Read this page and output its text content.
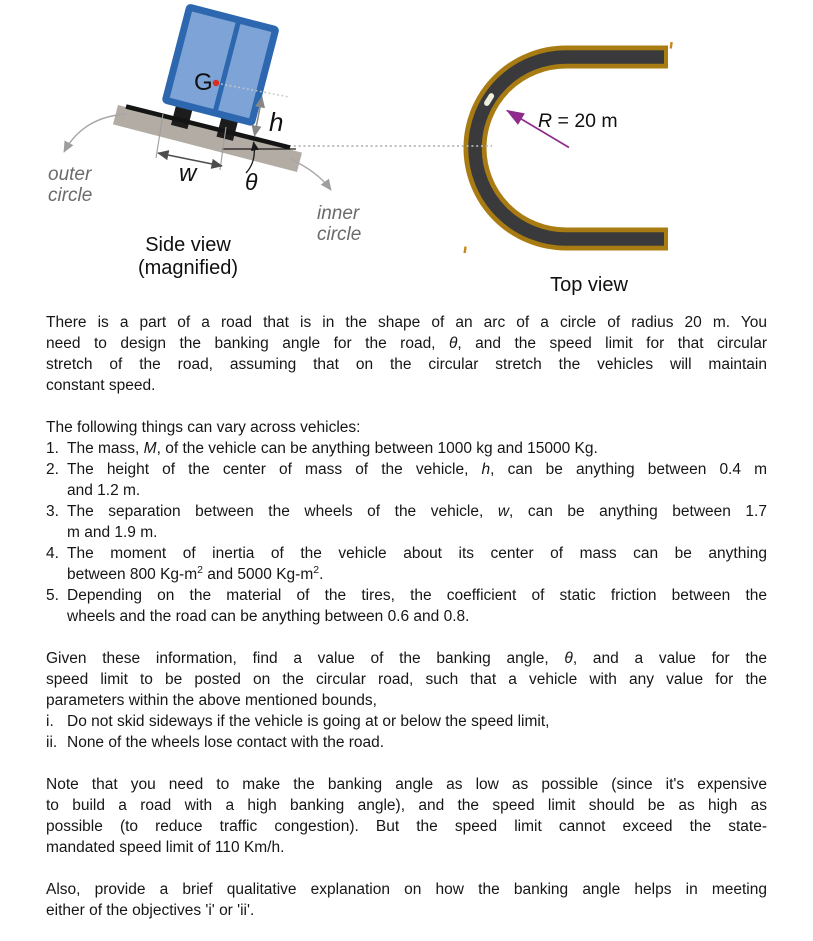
R = 20 m
Top view
G
h
w θ
outer
circle
inner
circle
Side view
(magnified)
There is a part of a road that is in the shape of an arc of a circle of radius 20 m. You
need to design the banking angle for the road, θ, and the speed limit for that circular
stretch of the road, assuming that on the circular stretch the vehicles will maintain
constant speed.
The following things can vary across vehicles:
1. The mass, M, of the vehicle can be anything between 1000 kg and 15000 Kg.
2. The height of the center of mass of the vehicle, h, can be anything between 0.4 m
and 1.2 m.
3. The separation between the wheels of the vehicle, w, can be anything between 1.7
m and 1.9 m.
4. The moment of inertia of the vehicle about its center of mass can be anything
between 800 $Kg-m^2$ and 5000 $Kg-m^2$.
5. Depending on the material of the tires, the coefficient of static friction between the
wheels and the road can be anything between 0.6 and 0.8.
Given these information, find a value of the banking angle, θ, and a value for the
speed limit to be posted on the circular road, such that a vehicle with any value for the
parameters within the above mentioned bounds,
i. Do not skid sideways if the vehicle is going at or below the speed limit,
ii. None of the wheels lose contact with the road.
Note that you need to make the banking angle as low as possible (since it's expensive
to build a road with a high banking angle), and the speed limit should be as high as
possible (to reduce traffic congestion). But the speed limit cannot exceed the state-
mandated speed limit of 110 Km/h.
Also, provide a brief qualitative explanation on how the banking angle helps in meeting
either of the objectives 'i' or 'ii'.
